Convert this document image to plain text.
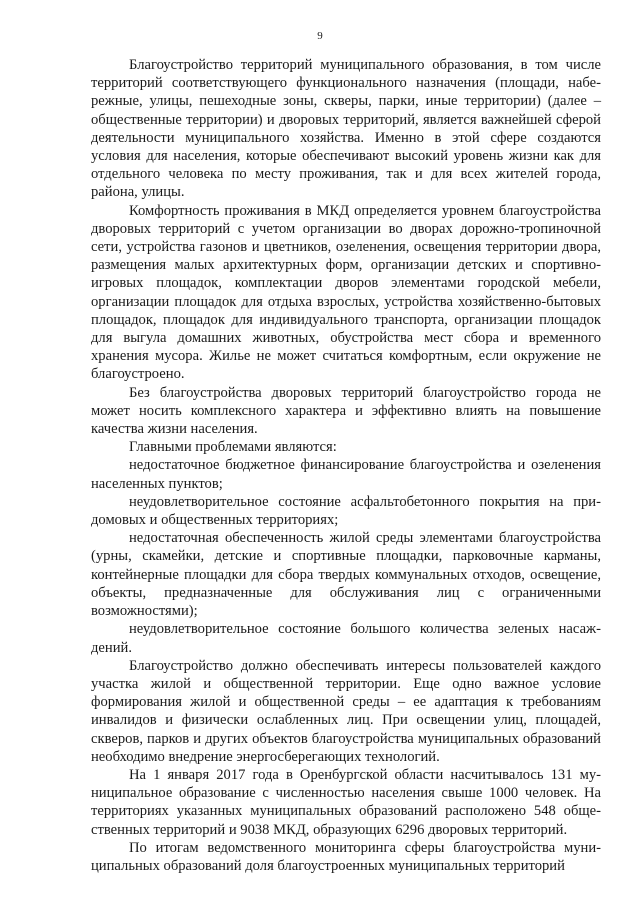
9

Благоустройство территорий муниципального образования, в том числе территорий соответствующего функционального назначения (площади, набережные, улицы, пешеходные зоны, скверы, парки, иные территории) (далее – общественные территории) и дворовых территорий, является важнейшей сферой деятельности муниципального хозяйства. Именно в этой сфере создаются условия для населения, которые обеспечивают высокий уровень жизни как для отдельного человека по месту проживания, так и для всех жителей города, района, улицы.

Комфортность проживания в МКД определяется уровнем благоустройства дворовых территорий с учетом организации во дворах дорожно-тропиночной сети, устройства газонов и цветников, озеленения, освещения территории двора, размещения малых архитектурных форм, организации детских и спортивно-игровых площадок, комплектации дворов элементами городской мебели, организации площадок для отдыха взрослых, устройства хозяйственно-бытовых площадок, площадок для индивидуального транспорта, организации площадок для выгула домашних животных, обустройства мест сбора и временного хранения мусора. Жилье не может считаться комфортным, если окружение не благоустроено.

Без благоустройства дворовых территорий благоустройство города не может носить комплексного характера и эффективно влиять на повышение качества жизни населения.

Главными проблемами являются:

недостаточное бюджетное финансирование благоустройства и озеленения населенных пунктов;

неудовлетворительное состояние асфальтобетонного покрытия на придомовых и общественных территориях;

недостаточная обеспеченность жилой среды элементами благоустройства (урны, скамейки, детские и спортивные площадки, парковочные карманы, контейнерные площадки для сбора твердых коммунальных отходов, освещение, объекты, предназначенные для обслуживания лиц с ограниченными возможностями);

неудовлетворительное состояние большого количества зеленых насаждений.

Благоустройство должно обеспечивать интересы пользователей каждого участка жилой и общественной территории. Еще одно важное условие формирования жилой и общественной среды – ее адаптация к требованиям инвалидов и физически ослабленных лиц. При освещении улиц, площадей, скверов, парков и других объектов благоустройства муниципальных образований необходимо внедрение энергосберегающих технологий.

На 1 января 2017 года в Оренбургской области насчитывалось 131 муниципальное образование с численностью населения свыше 1000 человек. На территориях указанных муниципальных образований расположено 548 общественных территорий и 9038 МКД, образующих 6296 дворовых территорий.

По итогам ведомственного мониторинга сферы благоустройства муниципальных образований доля благоустроенных муниципальных территорий
